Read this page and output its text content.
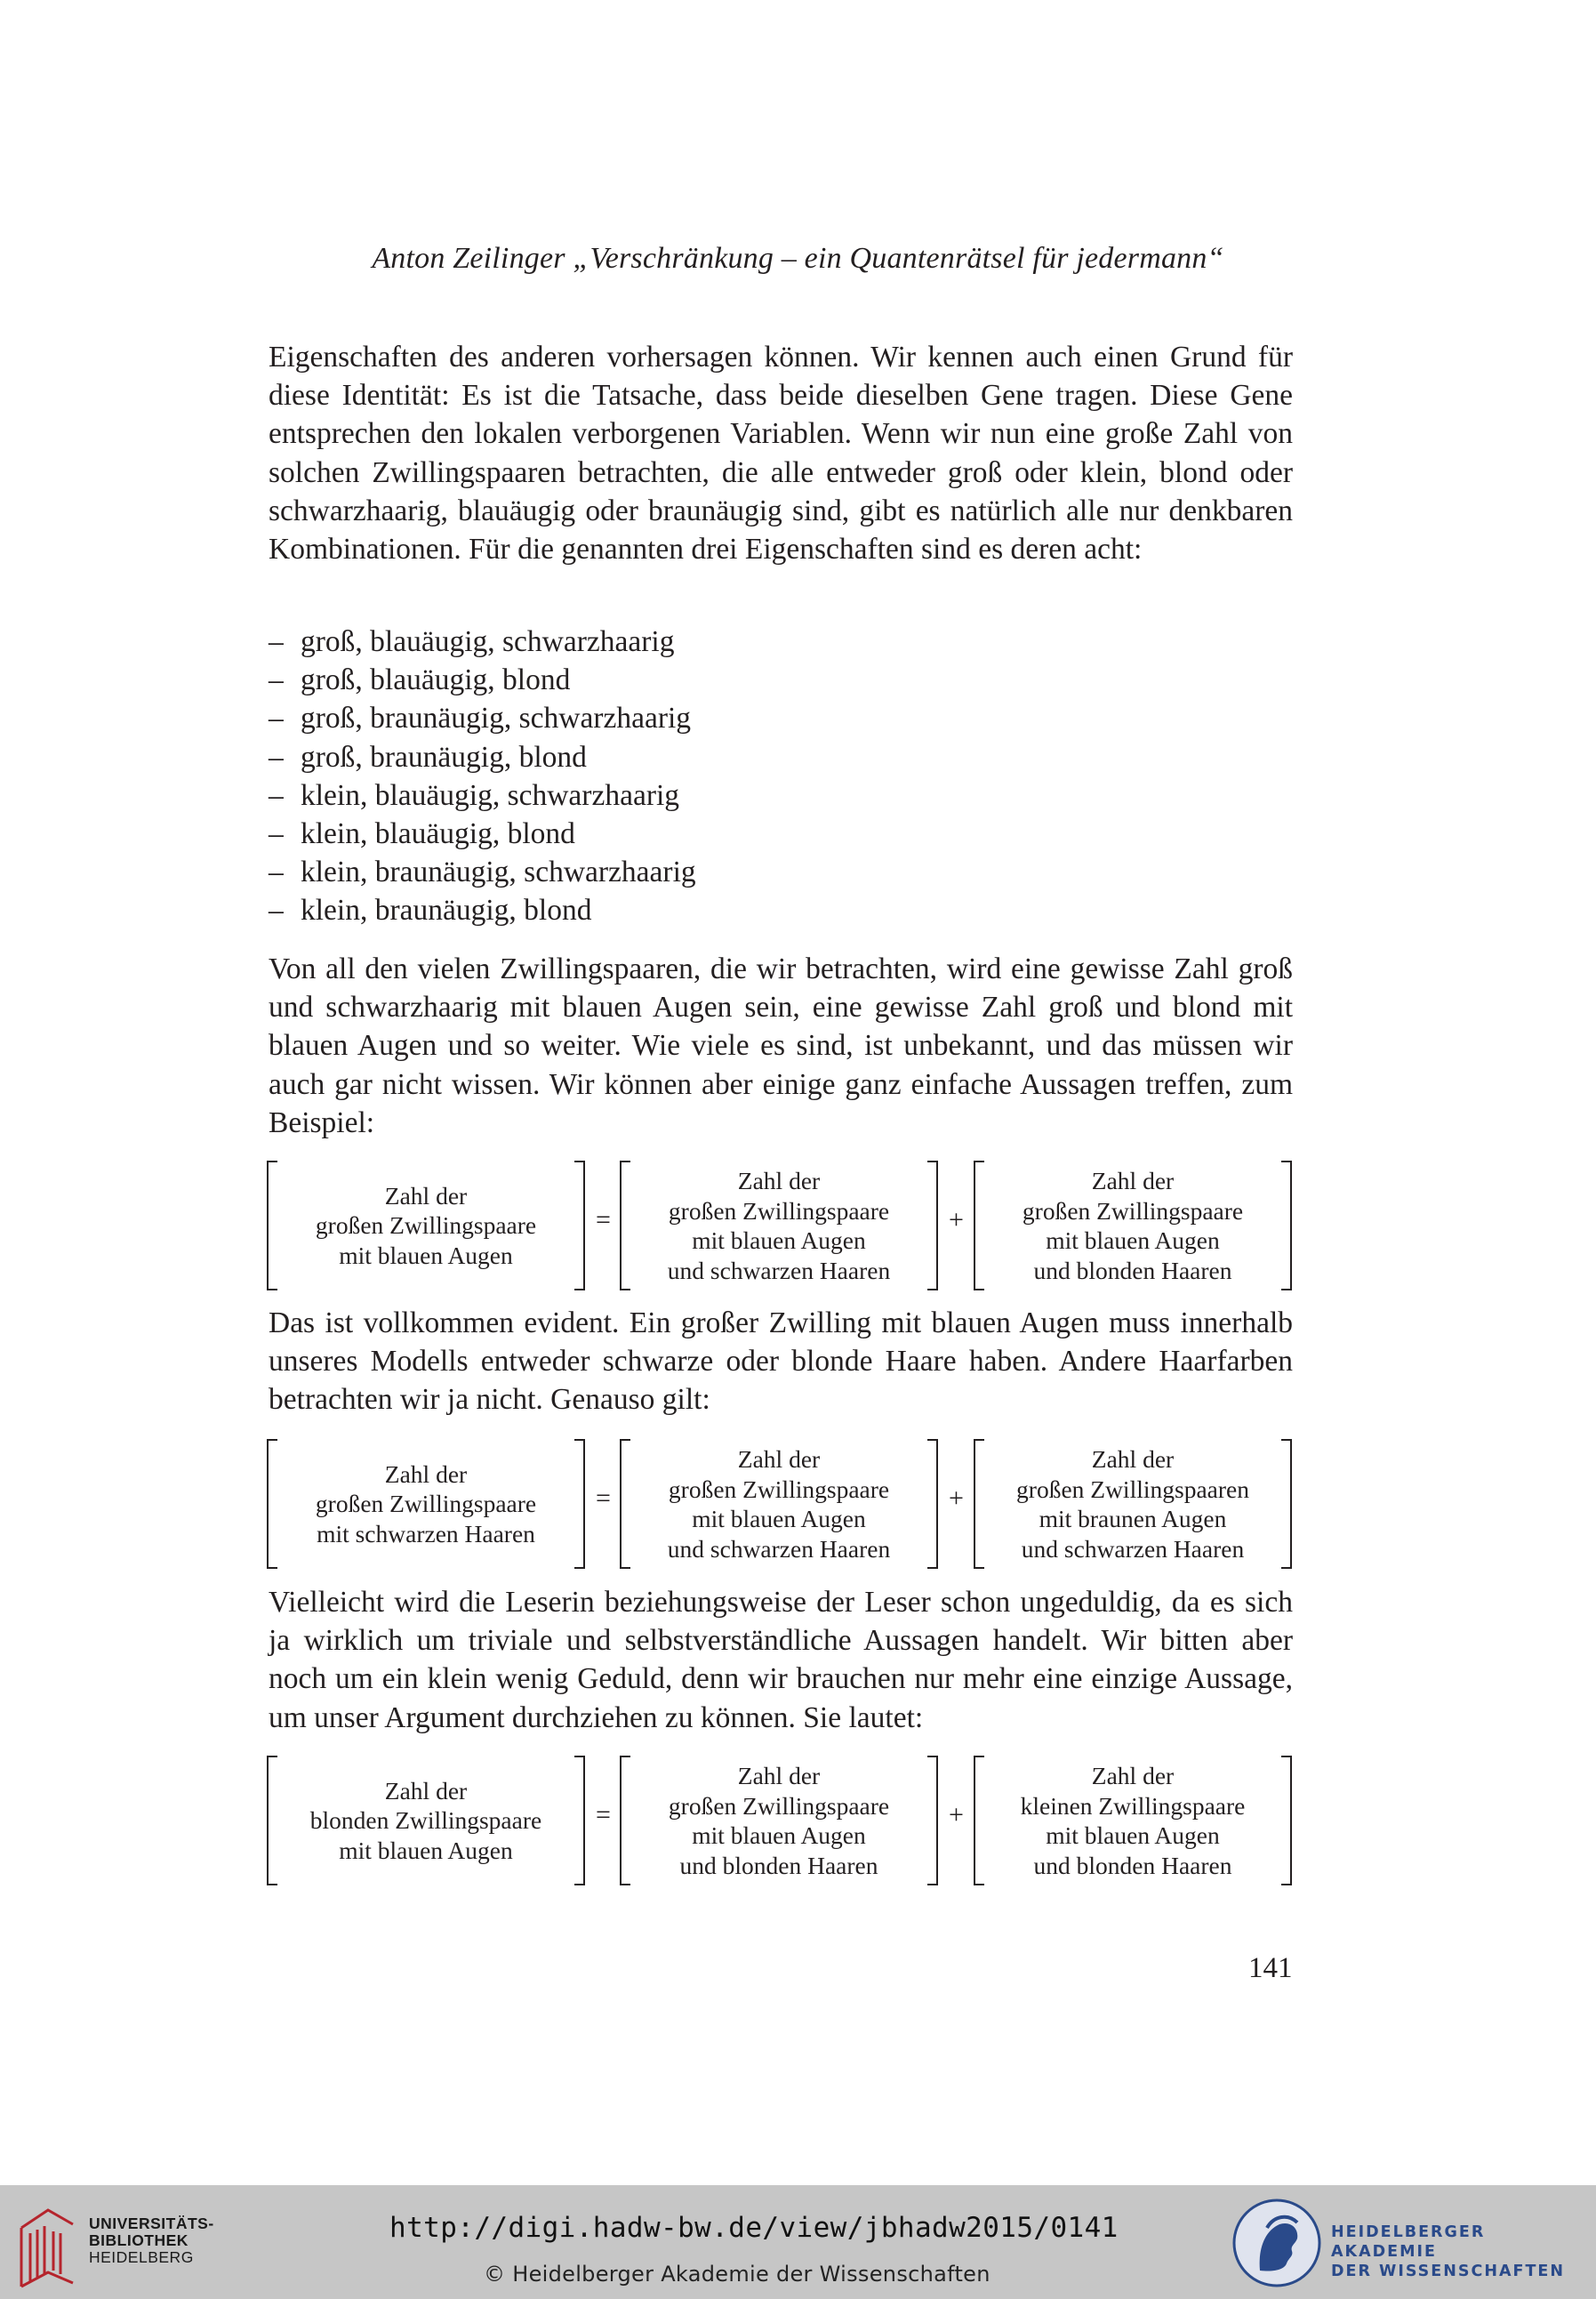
Anton Zeilinger „Verschränkung – ein Quantenrätsel für jedermann“

Eigenschaften des anderen vorhersagen können. Wir kennen auch einen Grund für diese Identität: Es ist die Tatsache, dass beide dieselben Gene tragen. Diese Gene entsprechen den lokalen verborgenen Variablen. Wenn wir nun eine große Zahl von solchen Zwillingspaaren betrachten, die alle entweder groß oder klein, blond oder schwarzhaarig, blauäugig oder braunäugig sind, gibt es natürlich alle nur denkbaren Kombinationen. Für die genannten drei Eigenschaften sind es deren acht:

– groß, blauäugig, schwarzhaarig
– groß, blauäugig, blond
– groß, braunäugig, schwarzhaarig
– groß, braunäugig, blond
– klein, blauäugig, schwarzhaarig
– klein, blauäugig, blond
– klein, braunäugig, schwarzhaarig
– klein, braunäugig, blond

Von all den vielen Zwillingspaaren, die wir betrachten, wird eine gewisse Zahl groß und schwarzhaarig mit blauen Augen sein, eine gewisse Zahl groß und blond mit blauen Augen und so weiter. Wie viele es sind, ist unbekannt, und das müssen wir auch gar nicht wissen. Wir können aber einige ganz einfache Aussagen treffen, zum Beispiel:

Zahl der
großen Zwillingspaare
mit blauen Augen
=
Zahl der
großen Zwillingspaare
mit blauen Augen
und schwarzen Haaren
+
Zahl der
großen Zwillingspaare
mit blauen Augen
und blonden Haaren

Das ist vollkommen evident. Ein großer Zwilling mit blauen Augen muss innerhalb unseres Modells entweder schwarze oder blonde Haare haben. Andere Haarfarben betrachten wir ja nicht. Genauso gilt:

Zahl der
großen Zwillingspaare
mit schwarzen Haaren
=
Zahl der
großen Zwillingspaare
mit blauen Augen
und schwarzen Haaren
+
Zahl der
großen Zwillingspaaren
mit braunen Augen
und schwarzen Haaren

Vielleicht wird die Leserin beziehungsweise der Leser schon ungeduldig, da es sich ja wirklich um triviale und selbstverständliche Aussagen handelt. Wir bitten aber noch um ein klein wenig Geduld, denn wir brauchen nur mehr eine einzige Aussage, um unser Argument durchziehen zu können. Sie lautet:

Zahl der
blonden Zwillingspaare
mit blauen Augen
=
Zahl der
großen Zwillingspaare
mit blauen Augen
und blonden Haaren
+
Zahl der
kleinen Zwillingspaare
mit blauen Augen
und blonden Haaren
141
UNIVERSITÄTS-
BIBLIOTHEK
HEIDELBERG
http://digi.hadw-bw.de/view/jbhadw2015/0141
© Heidelberger Akademie der Wissenschaften
HEIDELBERGER AKADEMIE
DER WISSENSCHAFTEN
